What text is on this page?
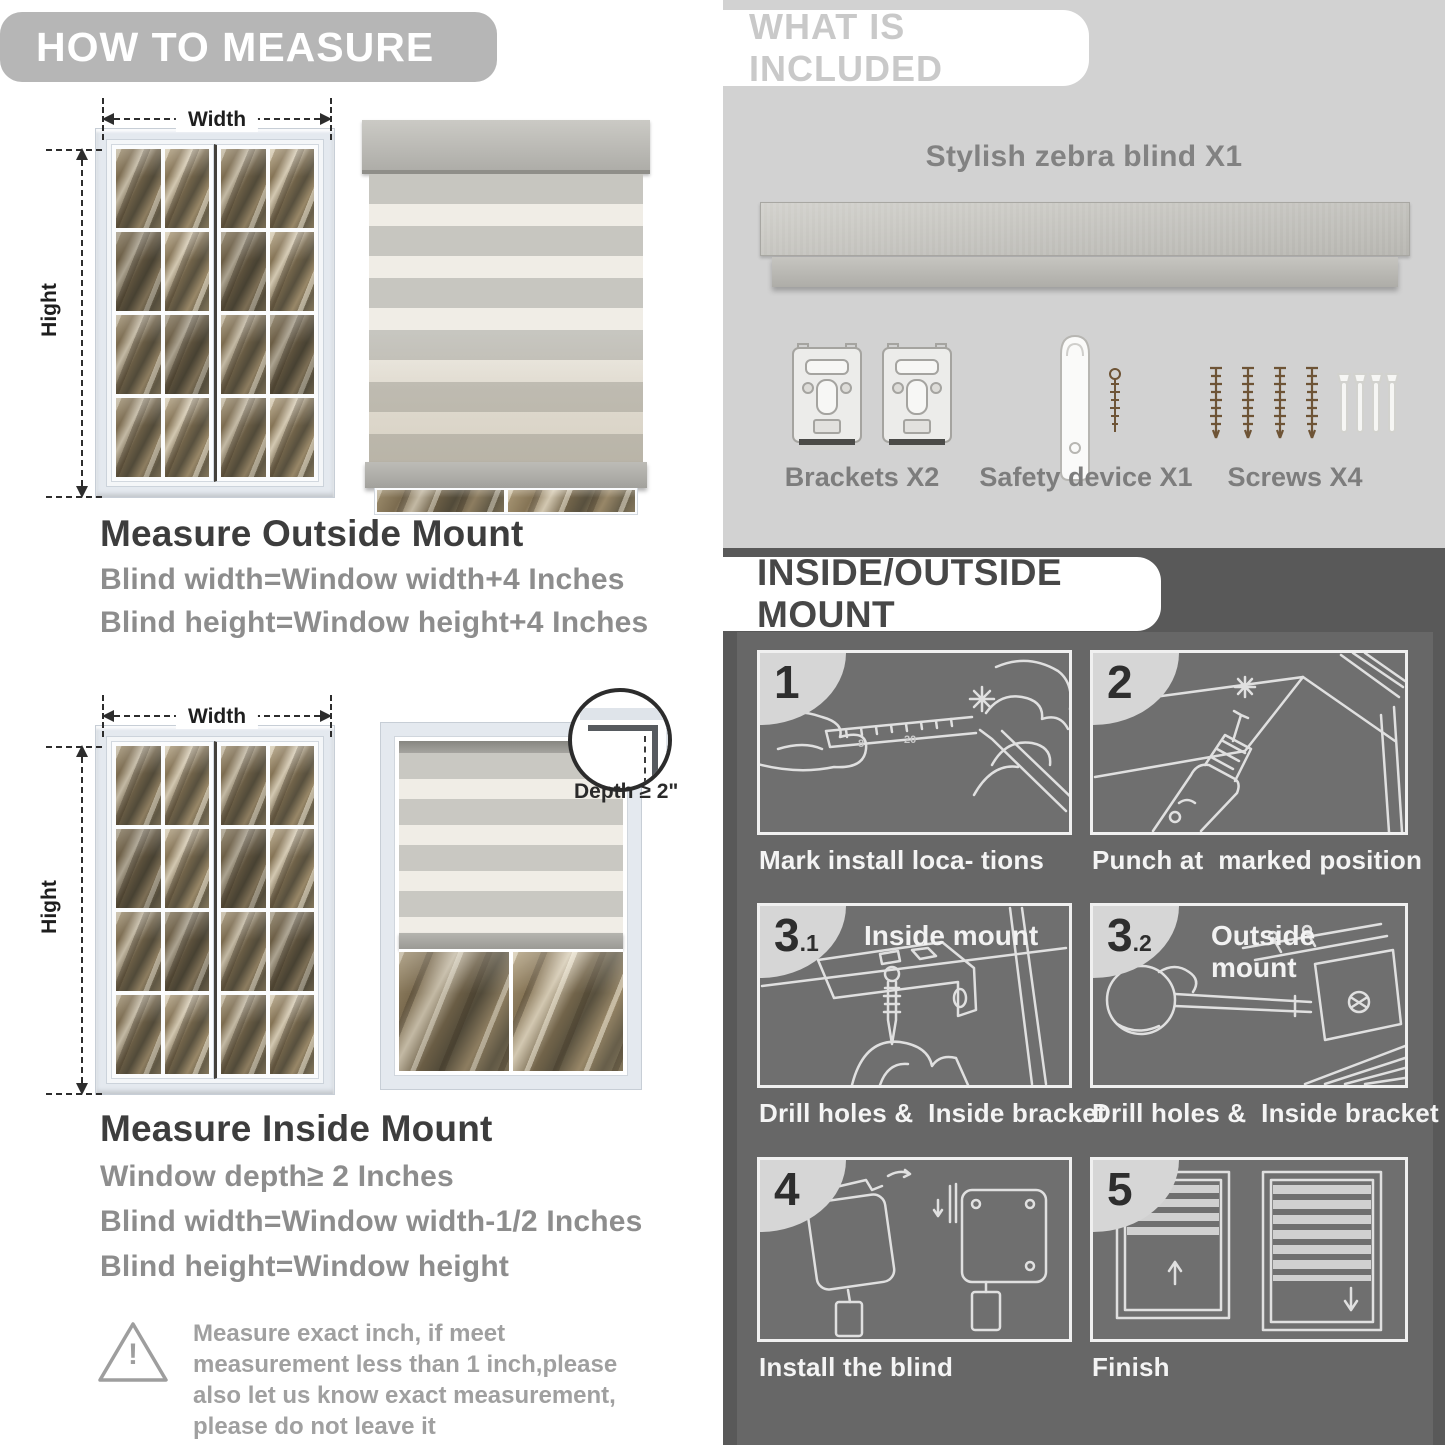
HOW TO MEASURE
Width
Hight
Measure Outside Mount
Blind width=Window width+4 Inches
Blind height=Window height+4 Inches
Width
Hight
Depth ≥ 2"
Measure Inside Mount
Window depth≥ 2 Inches
Blind width=Window width-1/2 Inches
Blind height=Window height
!
Measure exact inch, if meet measurement less than 1 inch,please also let us know exact measurement, please do not leave it
WHAT IS INCLUDED
Stylish zebra blind X1
Brackets X2	Safety device X1	Screws X4
INSIDE/OUTSIDE MOUNT
8	20
1
Mark install loca- tions
2
Punch at  marked position
3 .1 Inside mount
Drill holes &  Inside bracket
3 .2 Outside mount
Drill holes &  Inside bracket
4
Install the blind
5
Finish
